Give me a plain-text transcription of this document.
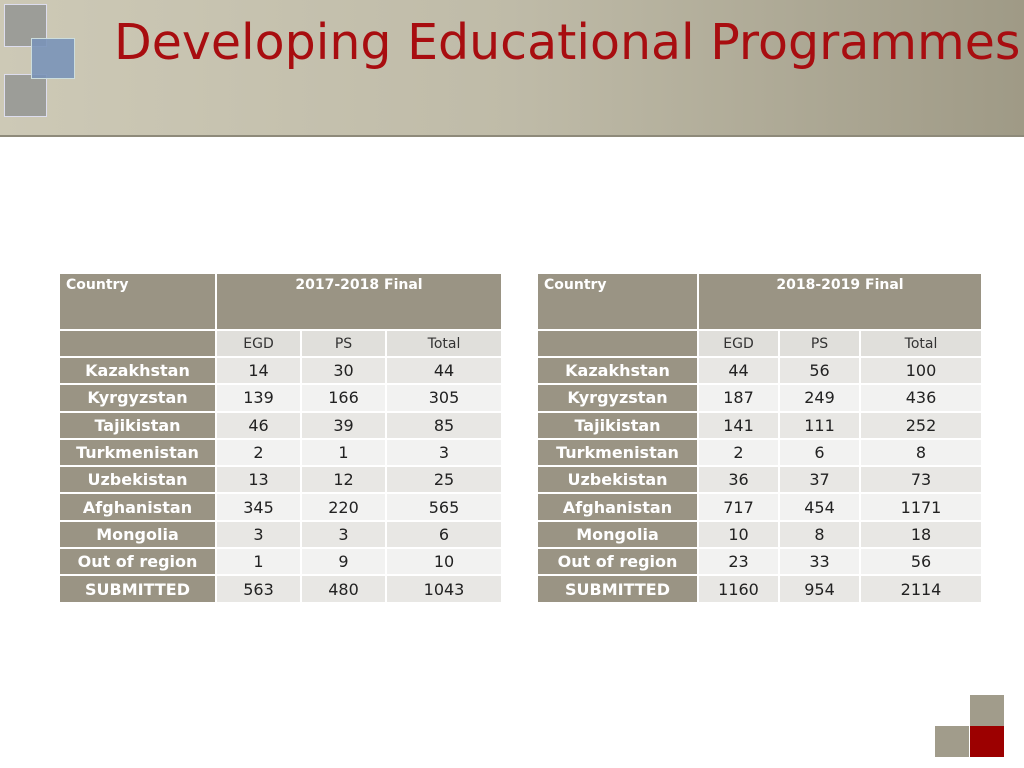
Developing Educational Programmes
Country	2017-2018 Final		
	EGD	PS	Total
Kazakhstan	14	30	44
Kyrgyzstan	139	166	305
Tajikistan	46	39	85
Turkmenistan	2	1	3
Uzbekistan	13	12	25
Afghanistan	345	220	565
Mongolia	3	3	6
Out of region	1	9	10
SUBMITTED	563	480	1043
Country	2018-2019 Final		
	EGD	PS	Total
Kazakhstan	44	56	100
Kyrgyzstan	187	249	436
Tajikistan	141	111	252
Turkmenistan	2	6	8
Uzbekistan	36	37	73
Afghanistan	717	454	1171
Mongolia	10	8	18
Out of region	23	33	56
SUBMITTED	1160	954	2114
